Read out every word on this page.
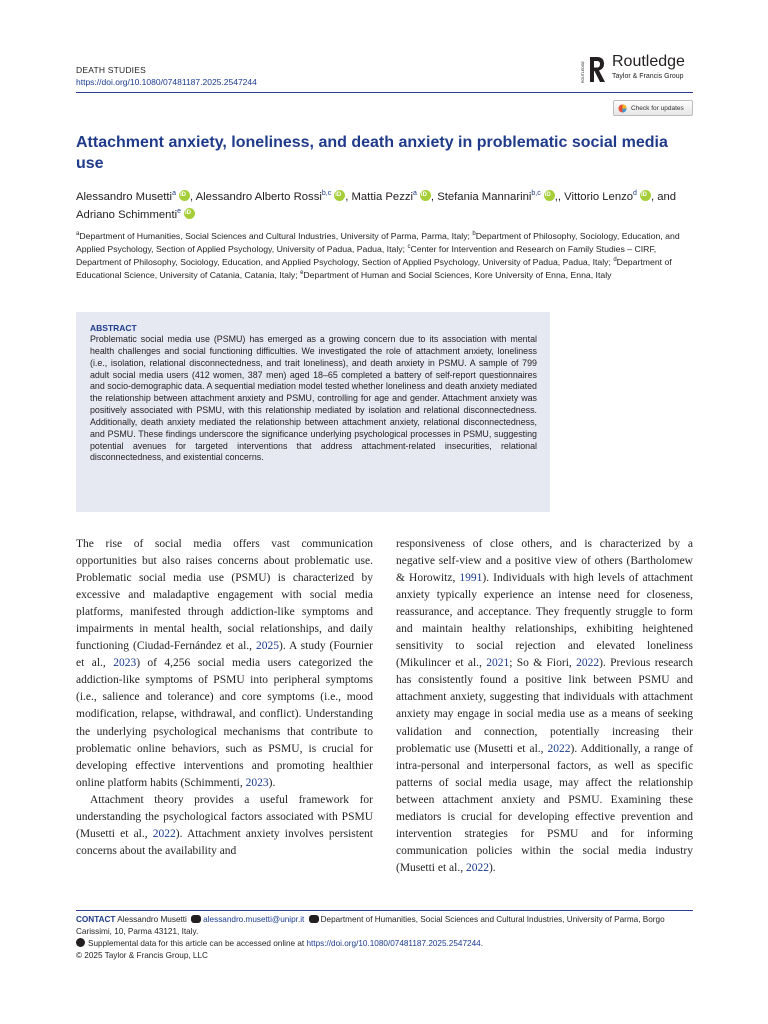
DEATH STUDIES
https://doi.org/10.1080/07481187.2025.2547244	ROUTLEDGE Routledge
Taylor & Francis Group
Check for updates
Attachment anxiety, loneliness, and death anxiety in problematic social media use
Alessandro Musetti$^a$ iD , Alessandro Alberto Rossi$^{b,c}$ iD , Mattia Pezzi$^a$ iD , Stefania Mannarini$^{b,c}$ iD ,, Vittorio Lenzo$^d$ iD , and Adriano Schimmenti$^e$iD
$^a$Department of Humanities, Social Sciences and Cultural Industries, University of Parma, Parma, Italy; $^b$Department of Philosophy, Sociology, Education, and Applied Psychology, Section of Applied Psychology, University of Padua, Padua, Italy; $^c$Center for Intervention and Research on Family Studies – CIRF, Department of Philosophy, Sociology, Education, and Applied Psychology, Section of Applied Psychology, University of Padua, Padua, Italy; $^d$Department of Educational Science, University of Catania, Catania, Italy; $^e$Department of Human and Social Sciences, Kore University of Enna, Enna, Italy
ABSTRACT
Problematic social media use (PSMU) has emerged as a growing concern due to its association with mental health challenges and social functioning difficulties. We investigated the role of attachment anxiety, loneliness (i.e., isolation, relational disconnectedness, and trait loneliness), and death anxiety in PSMU. A sample of 799 adult social media users (412 women, 387 men) aged 18–65 completed a battery of self-report questionnaires and socio-demographic data. A sequential mediation model tested whether loneliness and death anxiety mediated the relationship between attachment anxiety and PSMU, controlling for age and gender. Attachment anxiety was positively associated with PSMU, with this relationship mediated by isolation and relational disconnectedness. Additionally, death anxiety mediated the relationship between attachment anxiety, relational disconnectedness, and PSMU. These findings underscore the significance underlying psychological processes in PSMU, suggesting potential avenues for targeted interventions that address attachment-related insecurities, relational disconnectedness, and existential concerns.

The rise of social media offers vast communication opportunities but also raises concerns about problematic use. Problematic social media use (PSMU) is characterized by excessive and maladaptive engagement with social media platforms, manifested through addiction-like symptoms and impairments in mental health, social relationships, and daily functioning (Ciudad-Fernández et al., 2025). A study (Fournier et al., 2023) of 4,256 social media users categorized the addiction-like symptoms of PSMU into peripheral symptoms (i.e., salience and tolerance) and core symptoms (i.e., mood modification, relapse, withdrawal, and conflict). Understanding the underlying psychological mechanisms that contribute to problematic online behaviors, such as PSMU, is crucial for developing effective interventions and promoting healthier online platform habits (Schimmenti, 2023).

Attachment theory provides a useful framework for understanding the psychological factors associated with PSMU (Musetti et al., 2022). Attachment anxiety involves persistent concerns about the availability and

responsiveness of close others, and is characterized by a negative self-view and a positive view of others (Bartholomew & Horowitz, 1991). Individuals with high levels of attachment anxiety typically experience an intense need for closeness, reassurance, and acceptance. They frequently struggle to form and maintain healthy relationships, exhibiting heightened sensitivity to social rejection and elevated loneliness (Mikulincer et al., 2021; So & Fiori, 2022). Previous research has consistently found a positive link between PSMU and attachment anxiety, suggesting that individuals with attachment anxiety may engage in social media use as a means of seeking validation and connection, potentially increasing their problematic use (Musetti et al., 2022). Additionally, a range of intra-personal and interpersonal factors, as well as specific patterns of social media usage, may affect the relationship between attachment anxiety and PSMU. Examining these mediators is crucial for developing effective prevention and intervention strategies for PSMU and for informing communication policies within the social media industry (Musetti et al., 2022).

CONTACT Alessandro Musetti alessandro.musetti@unipr.it Department of Humanities, Social Sciences and Cultural Industries, University of Parma, Borgo Carissimi, 10, Parma 43121, Italy.
Supplemental data for this article can be accessed online at https://doi.org/10.1080/07481187.2025.2547244.
© 2025 Taylor & Francis Group, LLC
